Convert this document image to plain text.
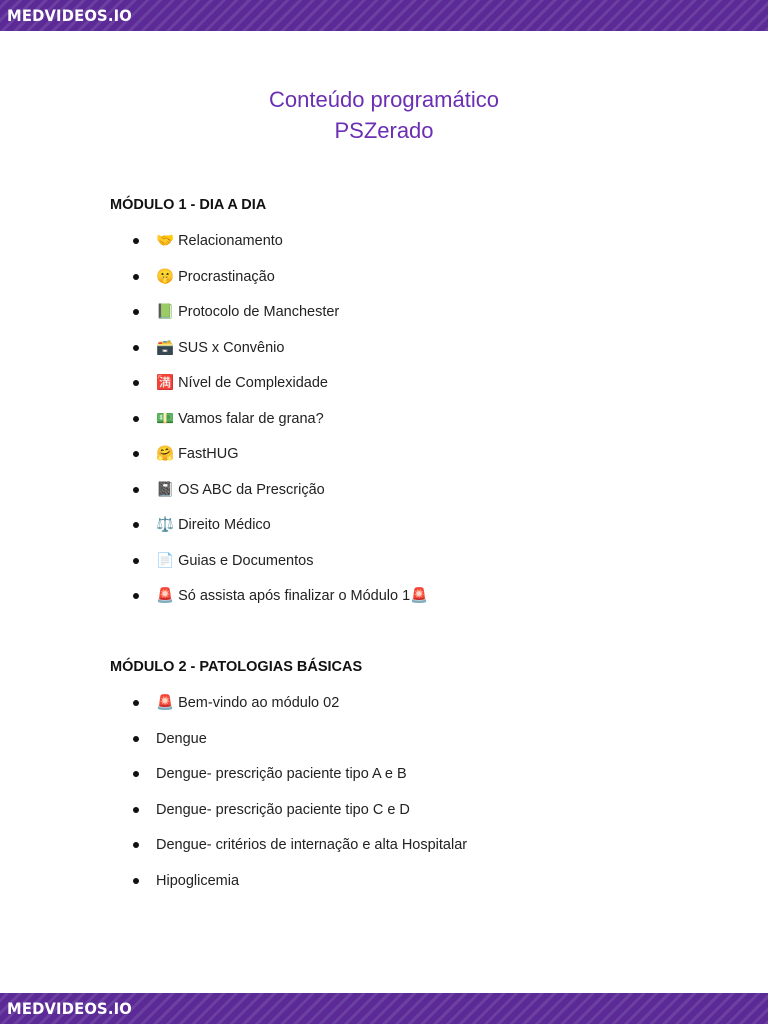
MEDVIDEOS.IO
Conteúdo programático
PSZerado
MÓDULO 1 - DIA A DIA
🤝 Relacionamento
🤫 Procrastinação
📗 Protocolo de Manchester
🗃️ SUS x Convênio
🈵 Nível de Complexidade
💵 Vamos falar de grana?
🤗 FastHUG
📓 OS ABC da Prescrição
⚖️ Direito Médico
📄 Guias e Documentos
🚨 Só assista após finalizar o Módulo 1🚨
MÓDULO 2 - PATOLOGIAS BÁSICAS
🚨 Bem-vindo ao módulo 02
Dengue
Dengue- prescrição paciente tipo A e B
Dengue- prescrição paciente tipo C e D
Dengue- critérios de internação e alta Hospitalar
Hipoglicemia
MEDVIDEOS.IO
